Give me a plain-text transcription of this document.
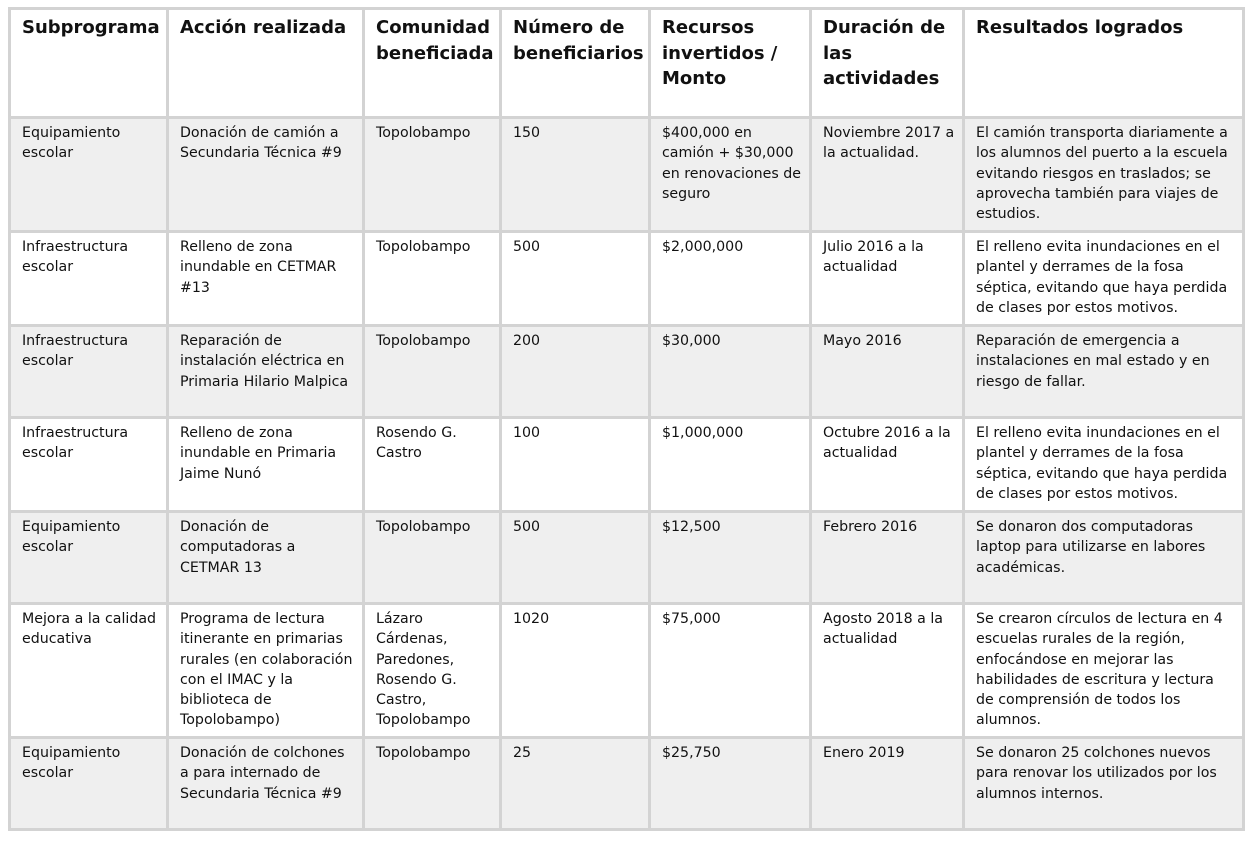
Subprograma	Acción realizada	Comunidad beneficiada	Número de beneficiarios	Recursos invertidos / Monto	Duración de las actividades	Resultados logrados
Equipamiento escolar	Donación de camión a Secundaria Técnica #9	Topolobampo	150	$400,000 en camión + $30,000 en renovaciones de seguro	Noviembre 2017 a la actualidad.	El camión transporta diariamente a los alumnos del puerto a la escuela evitando riesgos en traslados; se aprovecha también para viajes de estudios.
Infraestructura escolar	Relleno de zona inundable en CETMAR #13	Topolobampo	500	$2,000,000	Julio 2016 a la actualidad	El relleno evita inundaciones en el plantel y derrames de la fosa séptica, evitando que haya perdida de clases por estos motivos.
Infraestructura escolar	Reparación de instalación eléctrica en Primaria Hilario Malpica	Topolobampo	200	$30,000	Mayo 2016	Reparación de emergencia a instalaciones en mal estado y en riesgo de fallar.
Infraestructura escolar	Relleno de zona inundable en Primaria Jaime Nunó	Rosendo G. Castro	100	$1,000,000	Octubre 2016 a la actualidad	El relleno evita inundaciones en el plantel y derrames de la fosa séptica, evitando que haya perdida de clases por estos motivos.
Equipamiento escolar	Donación de computadoras a CETMAR 13	Topolobampo	500	$12,500	Febrero 2016	Se donaron dos computadoras laptop para utilizarse en labores académicas.
Mejora a la calidad educativa	Programa de lectura itinerante en primarias rurales (en colaboración con el IMAC y la biblioteca de Topolobampo)	Lázaro Cárdenas, Paredones, Rosendo G. Castro, Topolobampo	1020	$75,000	Agosto 2018 a la actualidad	Se crearon círculos de lectura en 4 escuelas rurales de la región, enfocándose en mejorar las habilidades de escritura y lectura de comprensión de todos los alumnos.
Equipamiento escolar	Donación de colchones a para internado de Secundaria Técnica #9	Topolobampo	25	$25,750	Enero 2019	Se donaron 25 colchones nuevos para renovar los utilizados por los alumnos internos.
